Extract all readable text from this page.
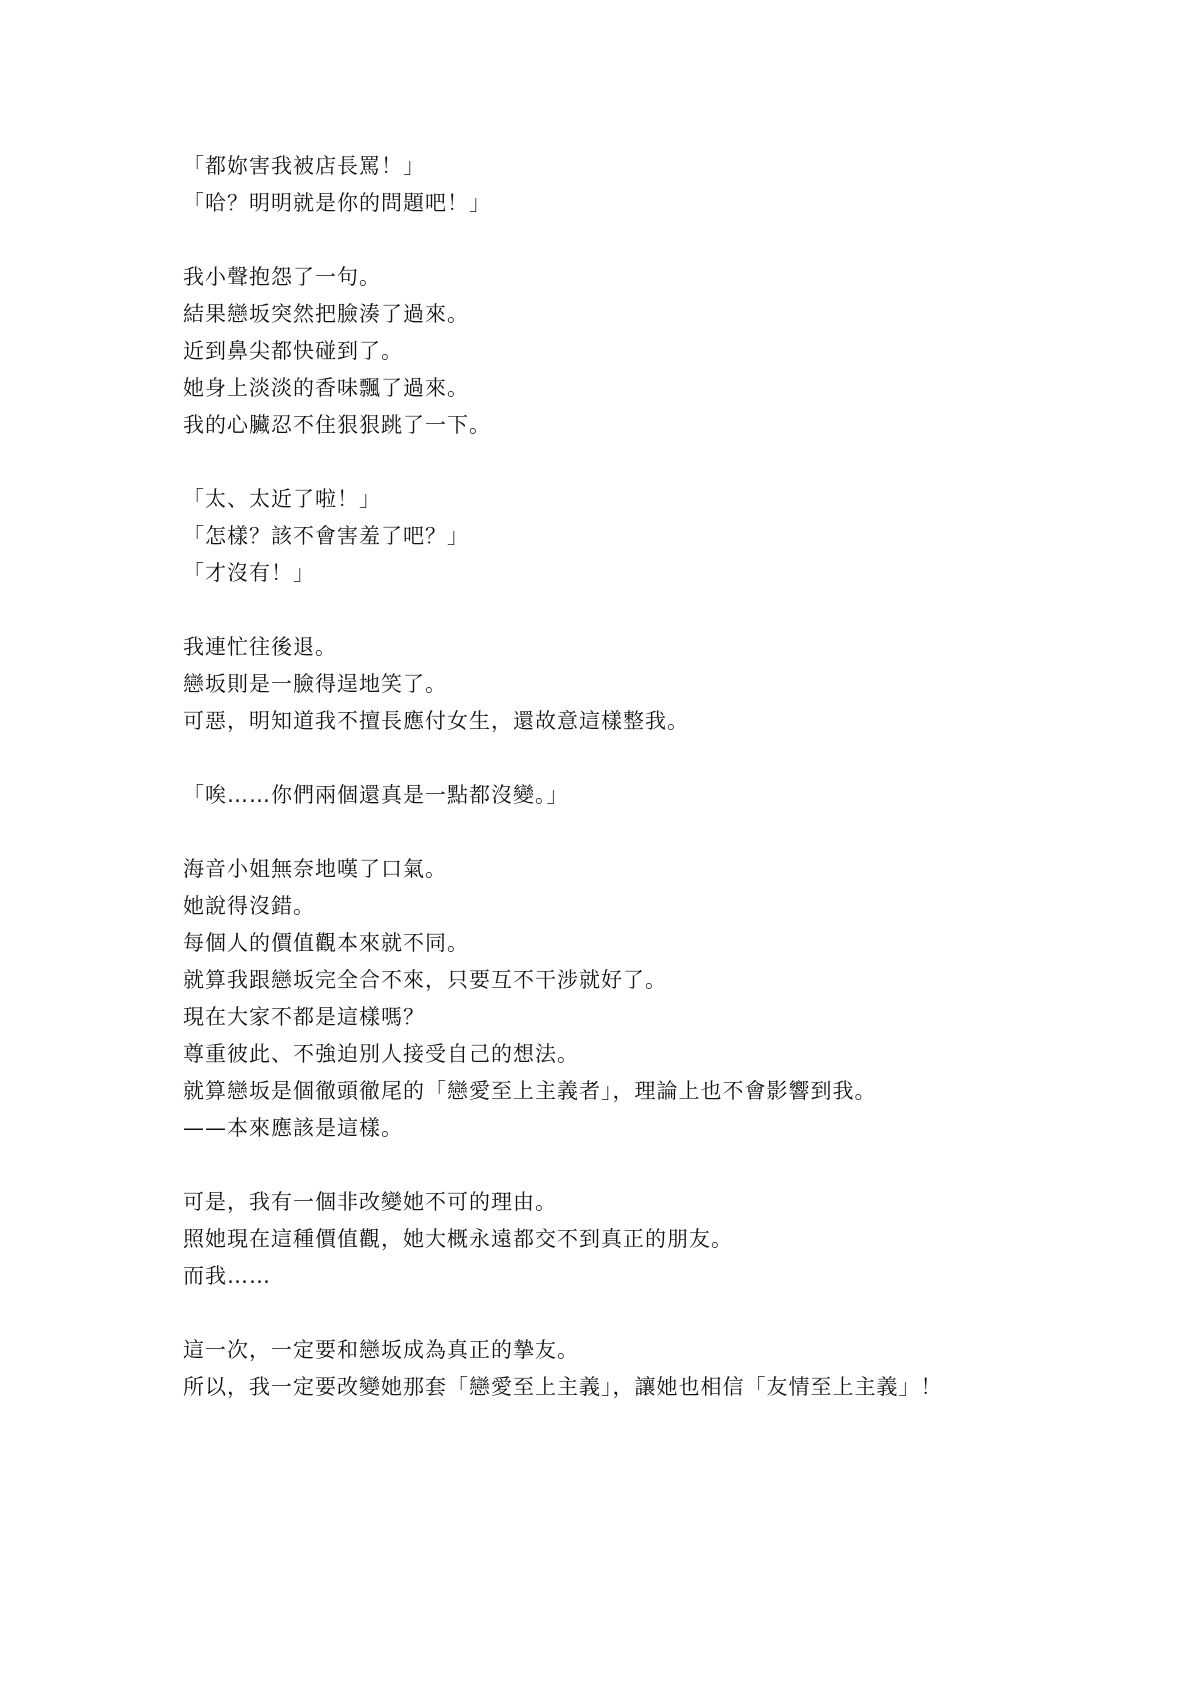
「都妳害我被店長罵！」
「哈？明明就是你的問題吧！」
我小聲抱怨了一句。
結果戀坂突然把臉湊了過來。
近到鼻尖都快碰到了。
她身上淡淡的香味飄了過來。
我的心臟忍不住狠狠跳了一下。
「太、太近了啦！」
「怎樣？該不會害羞了吧？」
「才沒有！」
我連忙往後退。
戀坂則是一臉得逞地笑了。
可惡，明知道我不擅長應付女生，還故意這樣整我。
「唉……你們兩個還真是一點都沒變。」
海音小姐無奈地嘆了口氣。
她說得沒錯。
每個人的價值觀本來就不同。
就算我跟戀坂完全合不來，只要互不干涉就好了。
現在大家不都是這樣嗎？
尊重彼此、不強迫別人接受自己的想法。
就算戀坂是個徹頭徹尾的「戀愛至上主義者」，理論上也不會影響到我。
——本來應該是這樣。
可是，我有一個非改變她不可的理由。
照她現在這種價值觀，她大概永遠都交不到真正的朋友。
而我……
這一次，一定要和戀坂成為真正的摯友。
所以，我一定要改變她那套「戀愛至上主義」，讓她也相信「友情至上主義」！
